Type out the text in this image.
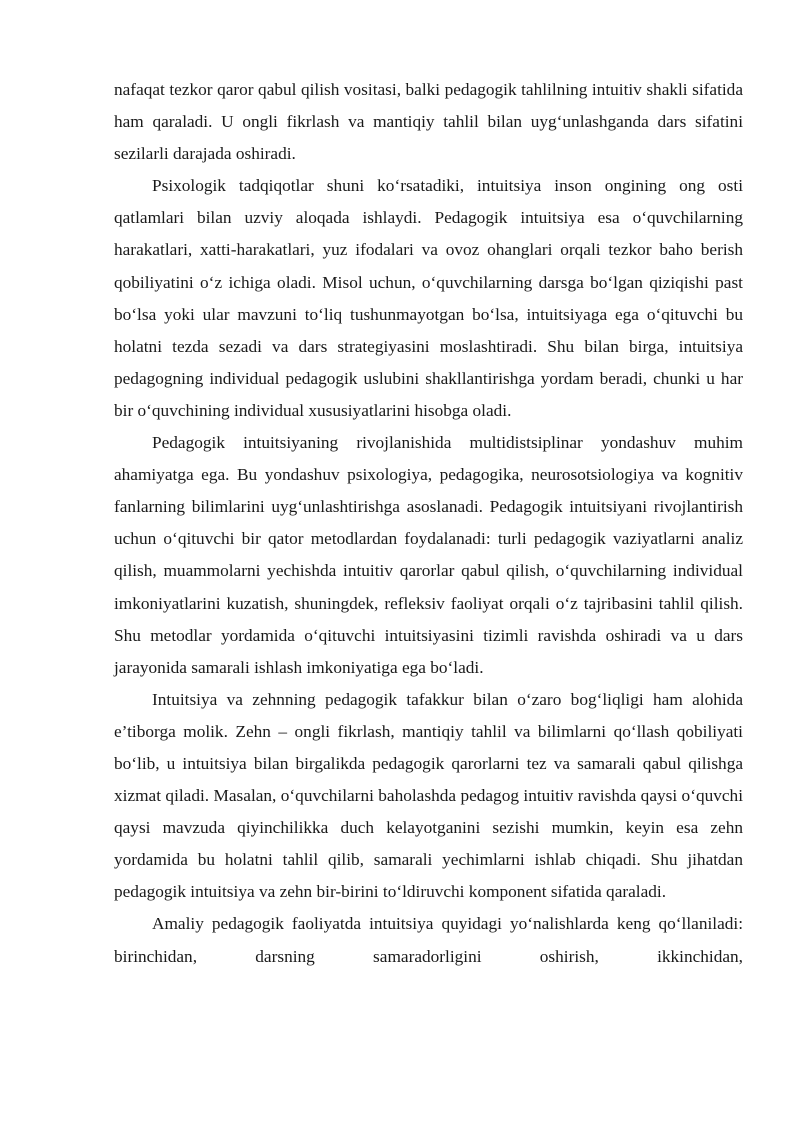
nafaqat tezkor qaror qabul qilish vositasi, balki pedagogik tahlilning intuitiv shakli sifatida ham qaraladi. U ongli fikrlash va mantiqiy tahlil bilan uyg‘unlashganda dars sifatini sezilarli darajada oshiradi.

Psixologik tadqiqotlar shuni ko‘rsatadiki, intuitsiya inson ongining ong osti qatlamlari bilan uzviy aloqada ishlaydi. Pedagogik intuitsiya esa o‘quvchilarning harakatlari, xatti-harakatlari, yuz ifodalari va ovoz ohanglari orqali tezkor baho berish qobiliyatini o‘z ichiga oladi. Misol uchun, o‘quvchilarning darsga bo‘lgan qiziqishi past bo‘lsa yoki ular mavzuni to‘liq tushunmayotgan bo‘lsa, intuitsiyaga ega o‘qituvchi bu holatni tezda sezadi va dars strategiyasini moslashtiradi. Shu bilan birga, intuitsiya pedagogning individual pedagogik uslubini shakllantirishga yordam beradi, chunki u har bir o‘quvchining individual xususiyatlarini hisobga oladi.

Pedagogik intuitsiyaning rivojlanishida multidistsiplinar yondashuv muhim ahamiyatga ega. Bu yondashuv psixologiya, pedagogika, neurosotsiologiya va kognitiv fanlarning bilimlarini uyg‘unlashtirishga asoslanadi. Pedagogik intuitsiyani rivojlantirish uchun o‘qituvchi bir qator metodlardan foydalanadi: turli pedagogik vaziyatlarni analiz qilish, muammolarni yechishda intuitiv qarorlar qabul qilish, o‘quvchilarning individual imkoniyatlarini kuzatish, shuningdek, refleksiv faoliyat orqali o‘z tajribasini tahlil qilish. Shu metodlar yordamida o‘qituvchi intuitsiyasini tizimli ravishda oshiradi va u dars jarayonida samarali ishlash imkoniyatiga ega bo‘ladi.

Intuitsiya va zehnning pedagogik tafakkur bilan o‘zaro bog‘liqligi ham alohida e’tiborga molik. Zehn – ongli fikrlash, mantiqiy tahlil va bilimlarni qo‘llash qobiliyati bo‘lib, u intuitsiya bilan birgalikda pedagogik qarorlarni tez va samarali qabul qilishga xizmat qiladi. Masalan, o‘quvchilarni baholashda pedagog intuitiv ravishda qaysi o‘quvchi qaysi mavzuda qiyinchilikka duch kelayotganini sezishi mumkin, keyin esa zehn yordamida bu holatni tahlil qilib, samarali yechimlarni ishlab chiqadi. Shu jihatdan pedagogik intuitsiya va zehn bir-birini to‘ldiruvchi komponent sifatida qaraladi.

Amaliy pedagogik faoliyatda intuitsiya quyidagi yo‘nalishlarda keng qo‘llaniladi: birinchidan, darsning samaradorligini oshirish, ikkinchidan,
